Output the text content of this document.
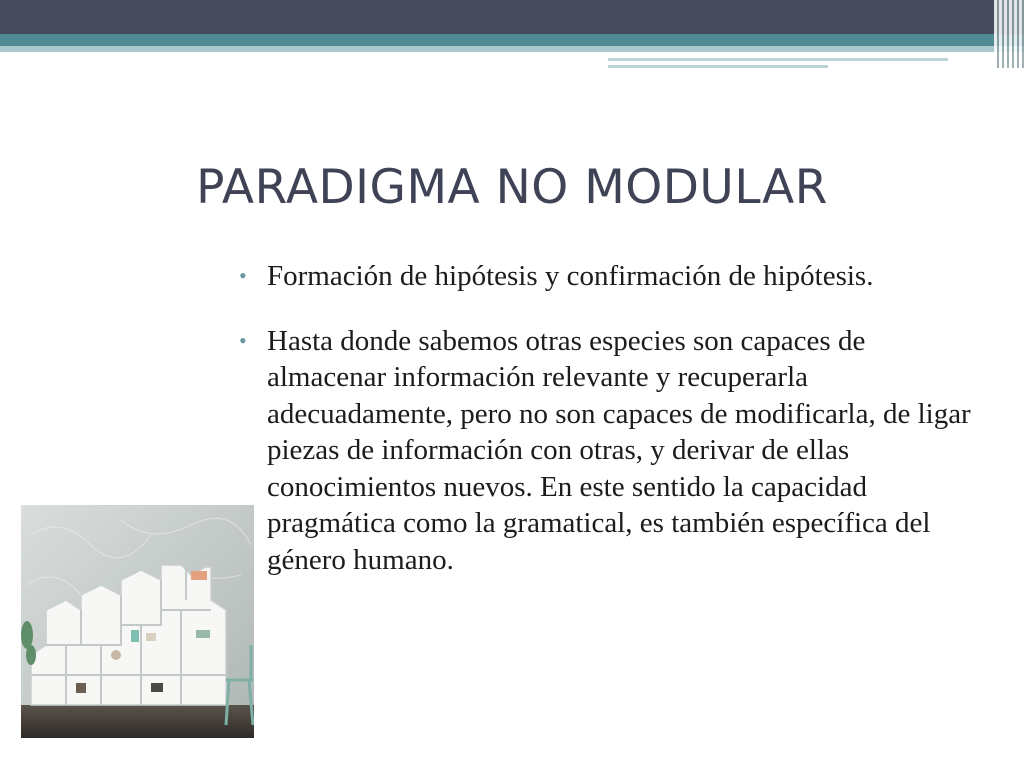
PARADIGMA NO MODULAR
• Formación de hipótesis y confirmación de hipótesis.
• Hasta donde sabemos otras especies son capaces de almacenar información relevante y recuperarla adecuadamente, pero no son capaces de modificarla, de ligar piezas de información con otras, y derivar de ellas conocimientos nuevos. En este sentido la capacidad pragmática como la gramatical, es también específica del género humano.
